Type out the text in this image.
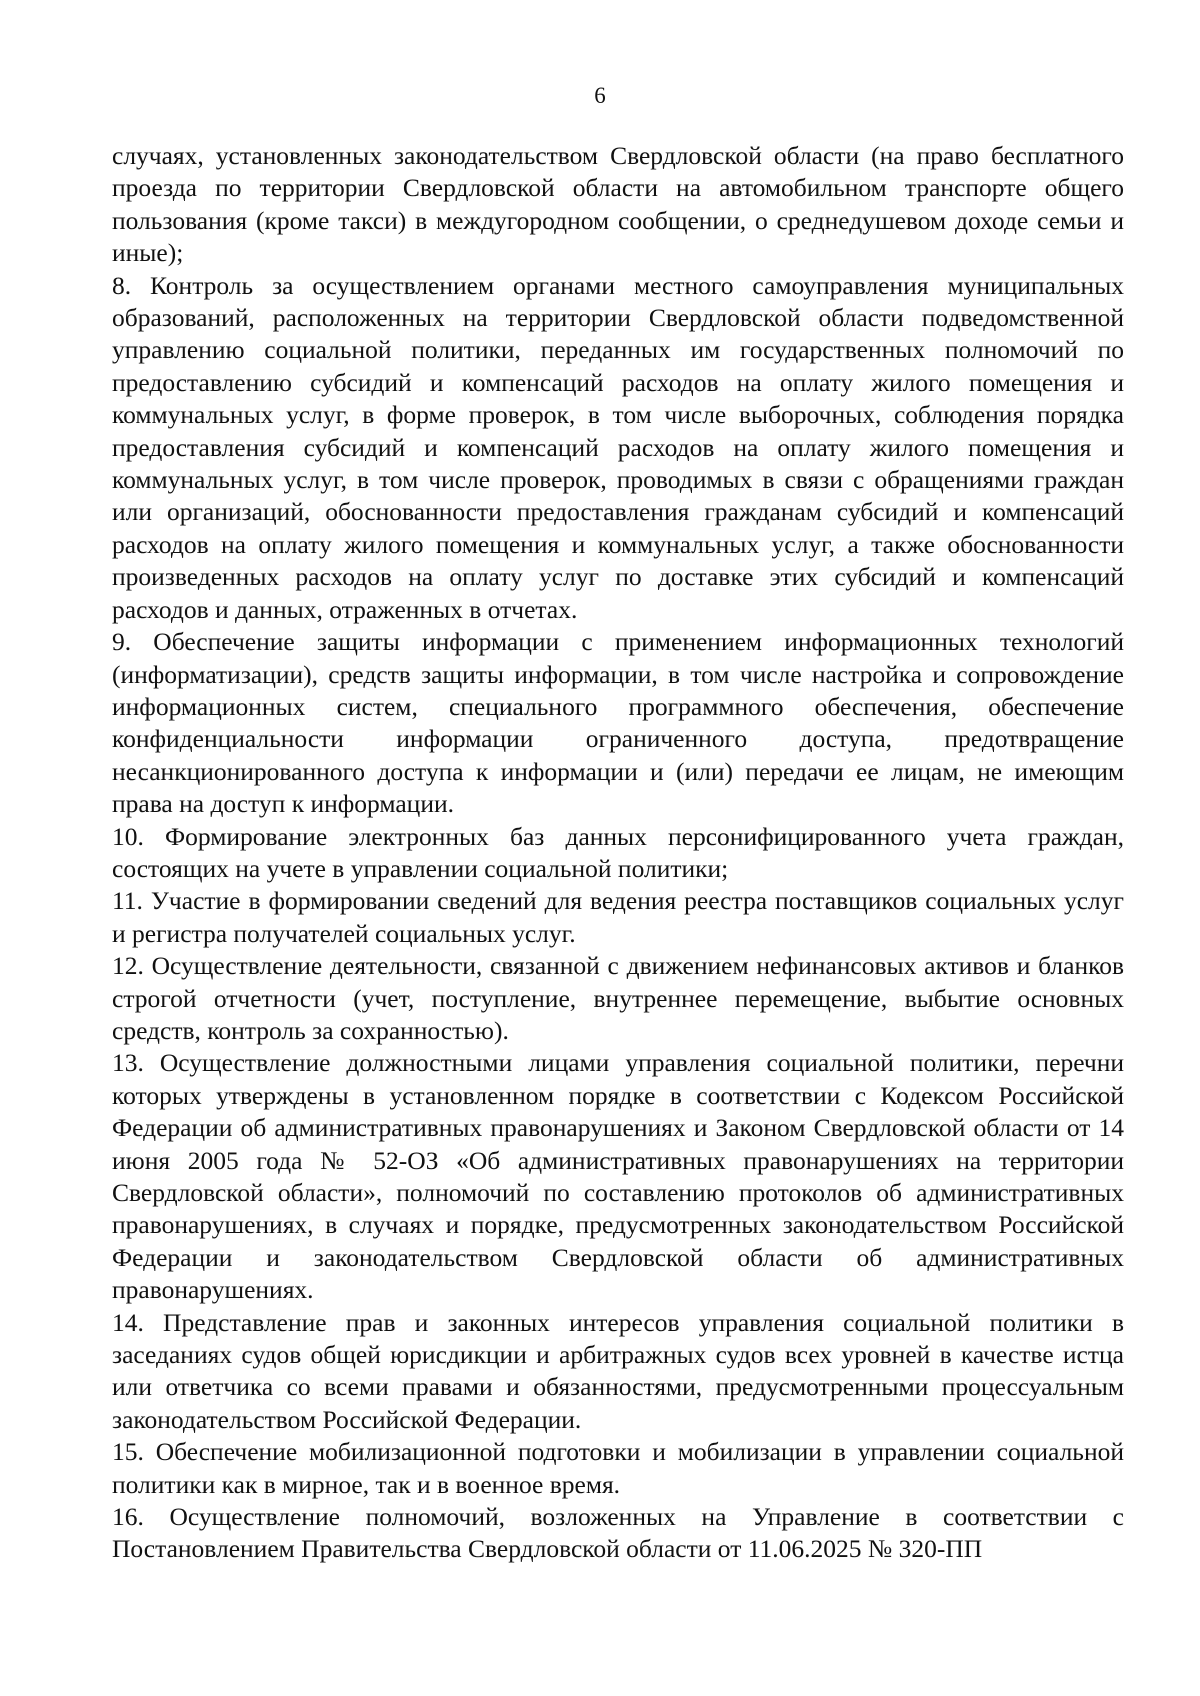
6

случаях, установленных законодательством Свердловской области (на право бесплатного проезда по территории Свердловской области на автомобильном транспорте общего пользования (кроме такси) в междугородном сообщении, о среднедушевом доходе семьи и иные);

8. Контроль за осуществлением органами местного самоуправления муниципальных образований, расположенных на территории Свердловской области подведомственной управлению социальной политики, переданных им государственных полномочий по предоставлению субсидий и компенсаций расходов на оплату жилого помещения и коммунальных услуг, в форме проверок, в том числе выборочных, соблюдения порядка предоставления субсидий и компенсаций расходов на оплату жилого помещения и коммунальных услуг, в том числе проверок, проводимых в связи с обращениями граждан или организаций, обоснованности предоставления гражданам субсидий и компенсаций расходов на оплату жилого помещения и коммунальных услуг, а также обоснованности произведенных расходов на оплату услуг по доставке этих субсидий и компенсаций расходов и данных, отраженных в отчетах.

9. Обеспечение защиты информации с применением информационных технологий (информатизации), средств защиты информации, в том числе настройка и сопровождение информационных систем, специального программного обеспечения, обеспечение конфиденциальности информации ограниченного доступа, предотвращение несанкционированного доступа к информации и (или) передачи ее лицам, не имеющим права на доступ к информации.

10. Формирование электронных баз данных персонифицированного учета граждан, состоящих на учете в управлении социальной политики;

11. Участие в формировании сведений для ведения реестра поставщиков социальных услуг и регистра получателей социальных услуг.

12. Осуществление деятельности, связанной с движением нефинансовых активов и бланков строгой отчетности (учет, поступление, внутреннее перемещение, выбытие основных средств, контроль за сохранностью).

13. Осуществление должностными лицами управления социальной политики, перечни которых утверждены в установленном порядке в соответствии с Кодексом Российской Федерации об административных правонарушениях и Законом Свердловской области от 14 июня 2005 года № 52-ОЗ «Об административных правонарушениях на территории Свердловской области», полномочий по составлению протоколов об административных правонарушениях, в случаях и порядке, предусмотренных законодательством Российской Федерации и законодательством Свердловской области об административных правонарушениях.

14. Представление прав и законных интересов управления социальной политики в заседаниях судов общей юрисдикции и арбитражных судов всех уровней в качестве истца или ответчика со всеми правами и обязанностями, предусмотренными процессуальным законодательством Российской Федерации.

15. Обеспечение мобилизационной подготовки и мобилизации в управлении социальной политики как в мирное, так и в военное время.

16. Осуществление полномочий, возложенных на Управление в соответствии с Постановлением Правительства Свердловской области от 11.06.2025 № 320-ПП
